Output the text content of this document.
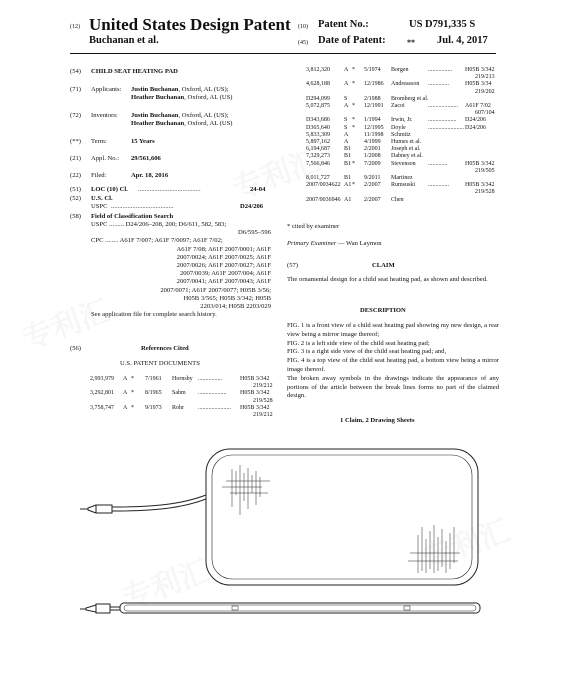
(12) United States Design Patent
Buchanan et al.
(10) Patent No.:	US D791,335 S
(45) Date of Patent:	** Jul. 4, 2017
(54) CHILD SEAT HEATING PAD
(71) Applicants: Justin Buchanan, Oxford, AL (US);
Heather Buchanan, Oxford, AL (US)
(72) Inventors: Justin Buchanan, Oxford, AL (US);
Heather Buchanan, Oxford, AL (US)
(**) Term:	15 Years
(21) Appl. No.: 29/561,606
(22) Filed:	Apr. 18, 2016
(51) LOC (10) Cl. ......................................	24-04
(52) U.S. Cl.
USPC ......................................	D24/206
(58) Field of Classification Search
USPC ......... D24/206–208, 200; D6/611, 582, 583;
D6/595–596
CPC ........ A61F 7/007; A61F 7/0097; A61F 7/02;
A61F 7/08; A61F 2007/0001; A61F
2007/0024; A61F 2007/0025; A61F
2007/0026; A61F 2007/0027; A61F
2007/0039; A61F 2007/004; A61F
2007/0041; A61F 2007/0043; A61F
2007/0071; A61F 2007/0077; H05B 3/56;
H05B 3/565; H05B 3/342; H05B
2203/014; H05B 2203/029
See application file for complete search history.
(56)	References Cited
U.S. PATENT DOCUMENTS
2,993,979 A * 7/1961 Hornsby ................	H05B 3/342
219/212
3,292,801 A * 8/1965 Sahm ................... H05B 3/342
219/528
3,758,747 A * 9/1973 Rohr ...................... H05B 3/342
219/212
3,812,320 A * 5/1974 Borgen	................ H05B 3/342
219/213
4,628,188 A * 12/1986 Andreasson ..............	H05B 3/34
219/202
D294,099 S	2/1988 Bromberg et al.
5,072,875 A * 12/1991 Zacoi	.................... A61F 7/02
607/104
D343,686 S * 1/1994 Irwin, Jr.	................... D24/206
D365,640 S * 12/1995 Doyle	........................ D24/206
5,833,309 A	11/1998 Schmitz
5,897,162 A	4/1999 Humes et al.
6,194,687 B1 2/2001 Joseph et al.
7,329,273 B1 1/2008 Dabney et al.
7,566,846 B1 * 7/2009 Stevenson .............	H05B 3/342
219/505
8,011,727 B1 9/2011 Martinez
2007/0034622 A1 * 2/2007 Rumsuski ..............	H05B 3/342
219/528
2007/0036946 A1 2/2007 Chen
* cited by examiner
Primary Examiner — Wan Laymon
(57)	CLAIM
The ornamental design for a child seat heating pad, as shown and described.
DESCRIPTION
FIG. 1 is a front view of a child seat heating pad showing my new design, a rear view being a mirror image thereof;
FIG. 2 is a left side view of the child seat heating pad;
FIG. 3 is a right side view of the child seat heating pad; and,
FIG. 4 is a top view of the child seat heating pad, a bottom view being a mirror image thereof.
The broken away symbols in the drawings indicate the appearance of any portions of the article between the break lines forms no part of the claimed design.
1 Claim, 2 Drawing Sheets
